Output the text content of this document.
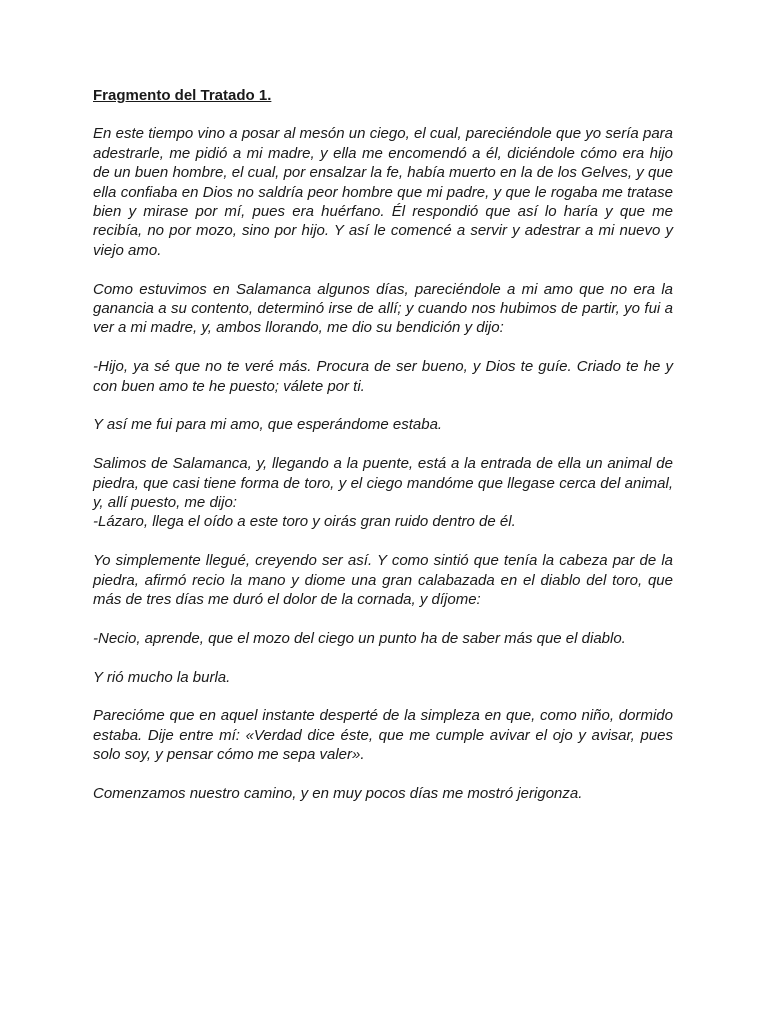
Fragmento del Tratado 1.

En este tiempo vino a posar al mesón un ciego, el cual, pareciéndole que yo sería para adestrarle, me pidió a mi madre, y ella me encomendó a él, diciéndole cómo era hijo de un buen hombre, el cual, por ensalzar la fe, había muerto en la de los Gelves, y que ella confiaba en Dios no saldría peor hombre que mi padre, y que le rogaba me tratase bien y mirase por mí, pues era huérfano. Él respondió que así lo haría y que me recibía, no por mozo, sino por hijo. Y así le comencé a servir y adestrar a mi nuevo y viejo amo.

Como estuvimos en Salamanca algunos días, pareciéndole a mi amo que no era la ganancia a su contento, determinó irse de allí; y cuando nos hubimos de partir, yo fui a ver a mi madre, y, ambos llorando, me dio su bendición y dijo:

-Hijo, ya sé que no te veré más. Procura de ser bueno, y Dios te guíe. Criado te he y con buen amo te he puesto; válete por ti.

Y así me fui para mi amo, que esperándome estaba.

Salimos de Salamanca, y, llegando a la puente, está a la entrada de ella un animal de piedra, que casi tiene forma de toro, y el ciego mandóme que llegase cerca del animal, y, allí puesto, me dijo:

-Lázaro, llega el oído a este toro y oirás gran ruido dentro de él.

Yo simplemente llegué, creyendo ser así. Y como sintió que tenía la cabeza par de la piedra, afirmó recio la mano y diome una gran calabazada en el diablo del toro, que más de tres días me duró el dolor de la cornada, y díjome:

-Necio, aprende, que el mozo del ciego un punto ha de saber más que el diablo.

Y rió mucho la burla.

Parecióme que en aquel instante desperté de la simpleza en que, como niño, dormido estaba. Dije entre mí: «Verdad dice éste, que me cumple avivar el ojo y avisar, pues solo soy, y pensar cómo me sepa valer».

Comenzamos nuestro camino, y en muy pocos días me mostró jerigonza.
